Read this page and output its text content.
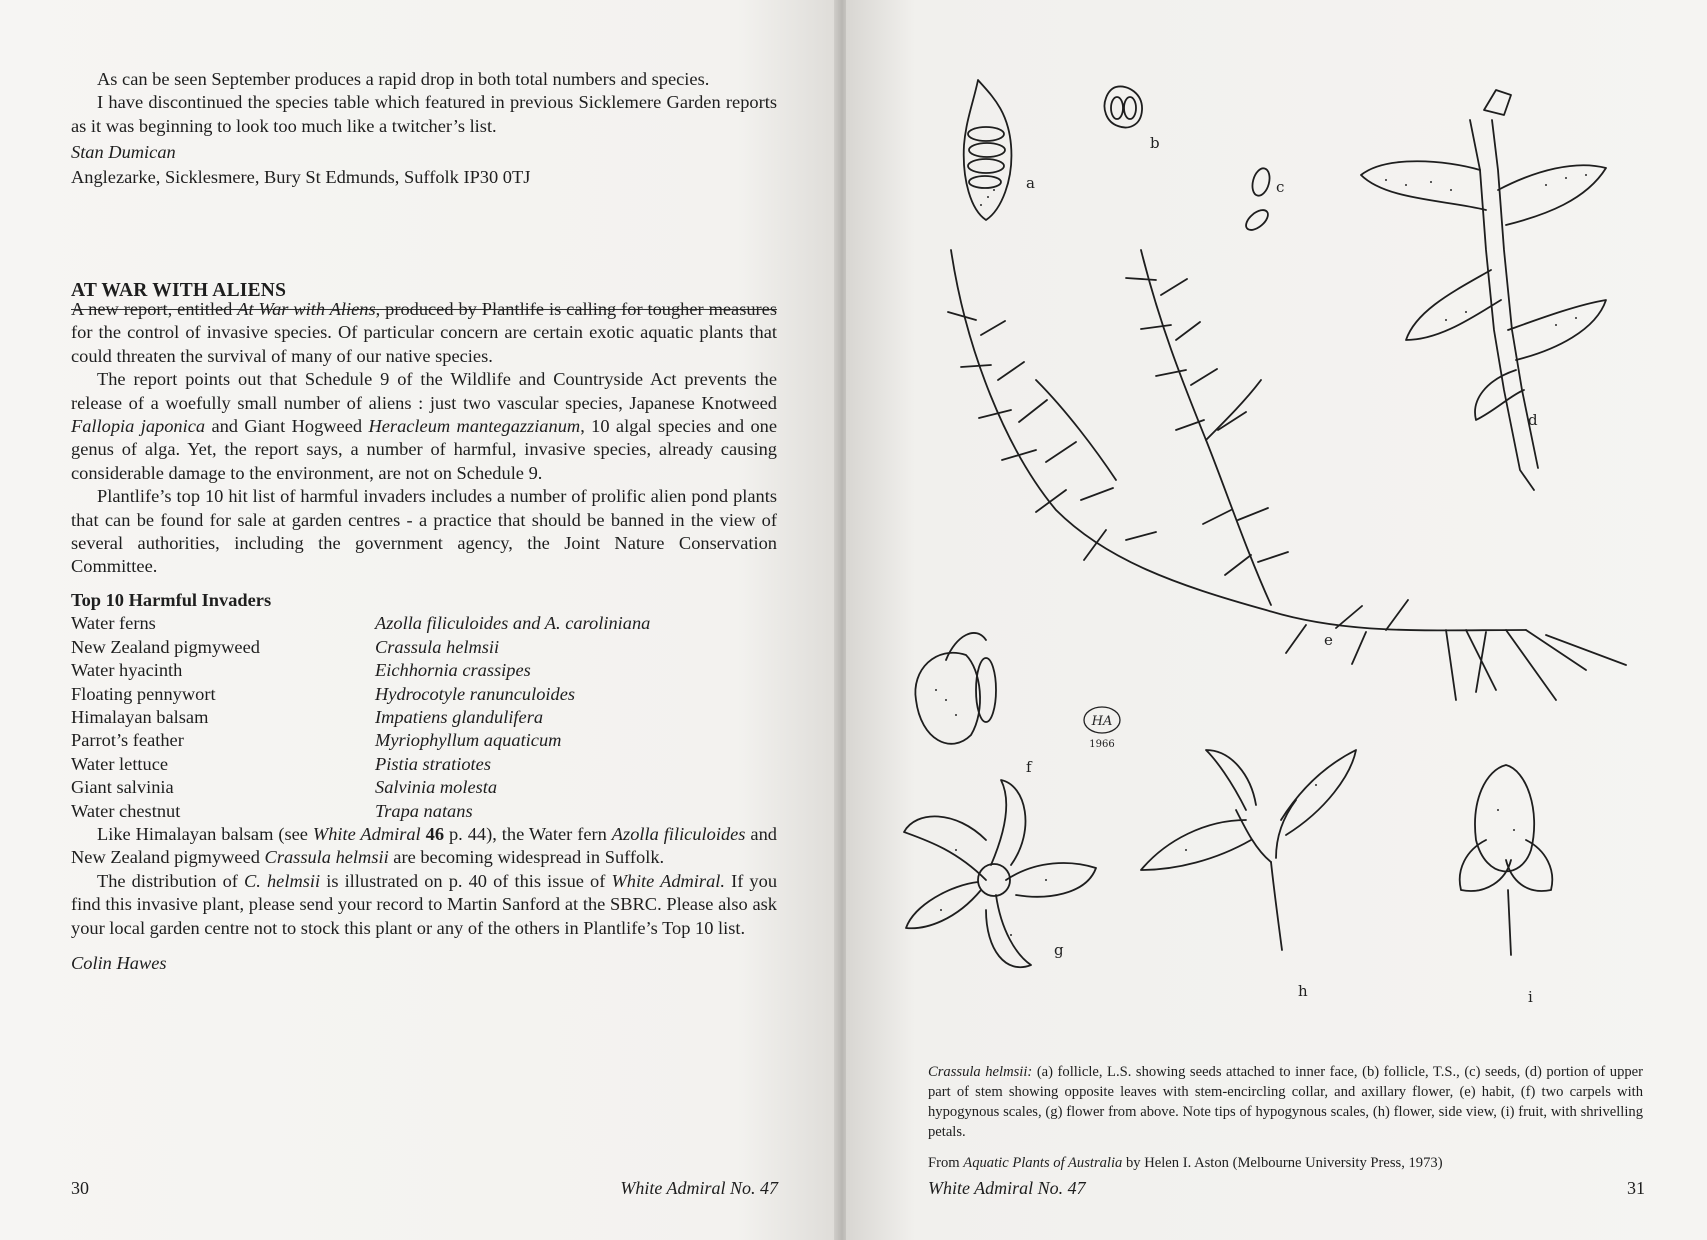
As can be seen September produces a rapid drop in both total numbers and species.

I have discontinued the species table which featured in previous Sicklemere Garden reports as it was beginning to look too much like a twitcher’s list.

Stan Dumican

Anglezarke, Sicklesmere, Bury St Edmunds, Suffolk IP30 0TJ

AT WAR WITH ALIENS

A new report, entitled At War with Aliens, produced by Plantlife is calling for tougher measures for the control of invasive species. Of particular concern are certain exotic aquatic plants that could threaten the survival of many of our native species.

The report points out that Schedule 9 of the Wildlife and Countryside Act prevents the release of a woefully small number of aliens : just two vascular species, Japanese Knotweed Fallopia japonica and Giant Hogweed Heracleum mantegazzianum, 10 algal species and one genus of alga. Yet, the report says, a number of harmful, invasive species, already causing considerable damage to the environment, are not on Schedule 9.

Plantlife’s top 10 hit list of harmful invaders includes a number of prolific alien pond plants that can be found for sale at garden centres - a practice that should be banned in the view of several authorities, including the government agency, the Joint Nature Conservation Committee.

Top 10 Harmful Invaders

Water ferns	Azolla filiculoides and A. caroliniana
New Zealand pigmyweed	Crassula helmsii
Water hyacinth	Eichhornia crassipes
Floating pennywort	Hydrocotyle ranunculoides
Himalayan balsam	Impatiens glandulifera
Parrot’s feather	Myriophyllum aquaticum
Water lettuce	Pistia stratiotes
Giant salvinia	Salvinia molesta
Water chestnut	Trapa natans

Like Himalayan balsam (see White Admiral 46 p. 44), the Water fern Azolla filiculoides and New Zealand pigmyweed Crassula helmsii are becoming widespread in Suffolk.

The distribution of C. helmsii is illustrated on p. 40 of this issue of White Admiral. If you find this invasive plant, please send your record to Martin Sanford at the SBRC. Please also ask your local garden centre not to stock this plant or any of the others in Plantlife’s Top 10 list.

Colin Hawes

30	White Admiral No. 47
a
b
c
d
e
f
g
h	i
HA
1966
Crassula helmsii: (a) follicle, L.S. showing seeds attached to inner face, (b) follicle, T.S., (c) seeds, (d) portion of upper part of stem showing opposite leaves with stem-encircling collar, and axillary flower, (e) habit, (f) two carpels with hypogynous scales, (g) flower from above. Note tips of hypogynous scales, (h) flower, side view, (i) fruit, with shrivelling petals.
From Aquatic Plants of Australia by Helen I. Aston (Melbourne University Press, 1973)
White Admiral No. 47	31
